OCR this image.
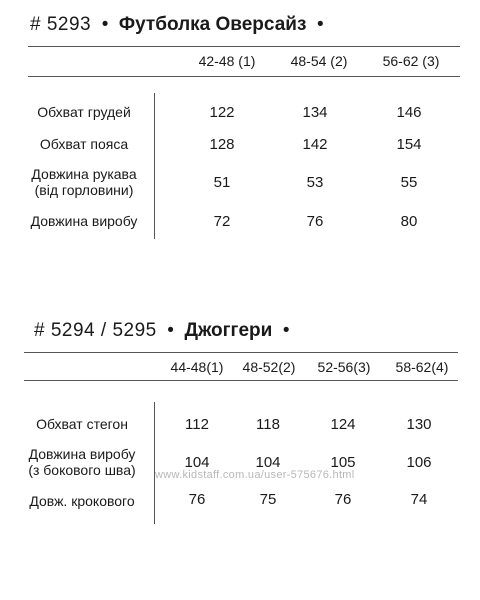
# 5293 • Футболка Оверсайз •
42-48 (1)	48-54 (2)	56-62 (3)
Обхват грудей	122	134	146
Обхват пояса	128	142	154
Довжина рукава
(від горловини)	51	53	55
Довжина виробу	72	76	80
# 5294 / 5295 • Джоггери •
44-48(1)	48-52(2)	52-56(3)	58-62(4)
Обхват стегон	112	118	124	130
Довжина виробу
(з бокового шва)	104	104	105	106
Довж. крокового	76	75	76	74
www.kidstaff.com.ua/user-575676.html
